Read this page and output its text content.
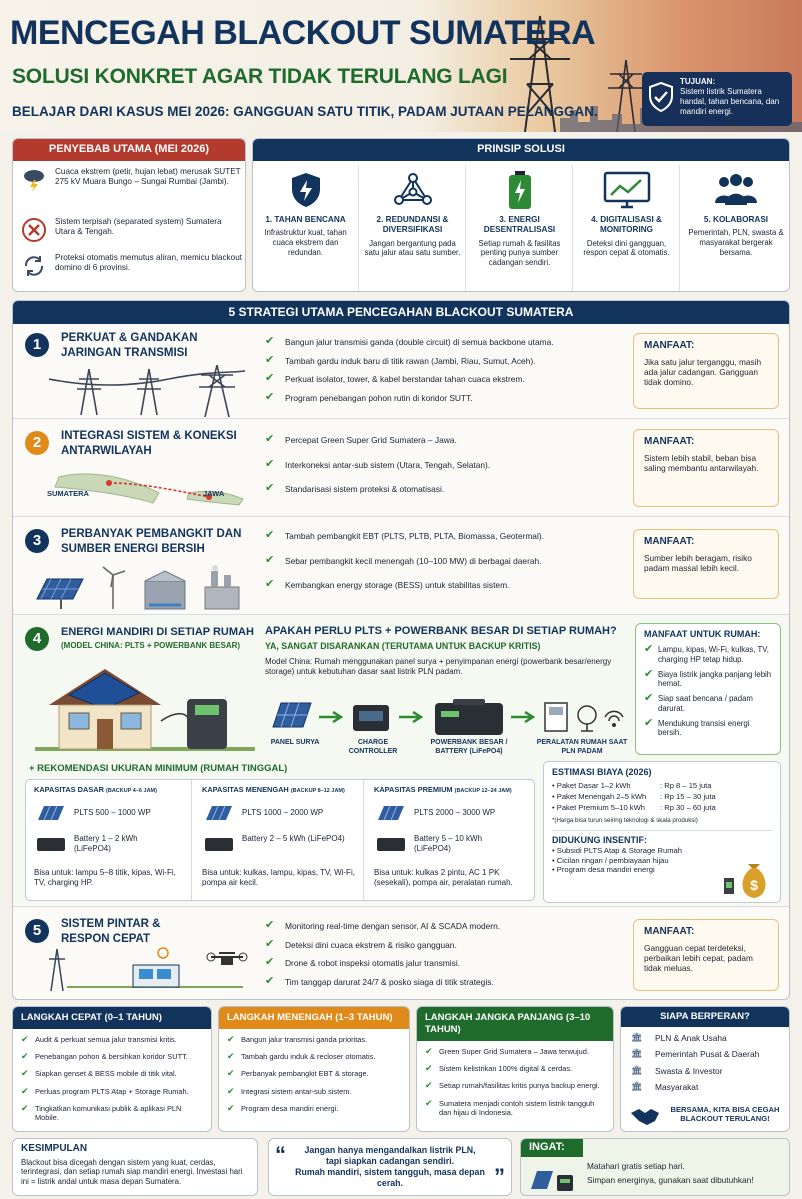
MENCEGAH BLACKOUT SUMATERA
SOLUSI KONKRET AGAR TIDAK TERULANG LAGI
BELAJAR DARI KASUS MEI 2026: GANGGUAN SATU TITIK, PADAM JUTAAN PELANGGAN.
TUJUAN:
Sistem listrik Sumatera handal, tahan bencana, dan mandiri energi.
PENYEBAB UTAMA (MEI 2026)
Cuaca ekstrem (petir, hujan lebat) merusak SUTET 275 kV Muara Bungo – Sungai Rumbai (Jambi).
Sistem terpisah (separated system) Sumatera Utara & Tengah.
Proteksi otomatis memutus aliran, memicu blackout domino di 6 provinsi.
PRINSIP SOLUSI
1. TAHAN BENCANA
Infrastruktur kuat, tahan cuaca ekstrem dan redundan.
2. REDUNDANSI & DIVERSIFIKASI
Jangan bergantung pada satu jalur atau satu sumber.
3. ENERGI DESENTRALISASI
Setiap rumah & fasilitas penting punya sumber cadangan sendiri.
4. DIGITALISASI & MONITORING
Deteksi dini gangguan, respon cepat & otomatis.
5. KOLABORASI
Pemerintah, PLN, swasta & masyarakat bergerak bersama.
5 STRATEGI UTAMA PENCEGAHAN BLACKOUT SUMATERA
1	PERKUAT & GANDAKAN JARINGAN TRANSMISI
✔ Bangun jalur transmisi ganda (double circuit) di semua backbone utama.
✔ Tambah gardu induk baru di titik rawan (Jambi, Riau, Sumut, Aceh).
✔ Perkuat isolator, tower, & kabel berstandar tahan cuaca ekstrem.
✔ Program penebangan pohon rutin di koridor SUTT.
MANFAAT:
Jika satu jalur terganggu, masih ada jalur cadangan. Gangguan tidak domino.
2	INTEGRASI SISTEM & KONEKSI ANTARWILAYAH
SUMATERA	JAWA
✔ Percepat Green Super Grid Sumatera – Jawa.
✔ Interkoneksi antar-sub sistem (Utara, Tengah, Selatan).
✔ Standarisasi sistem proteksi & otomatisasi.
MANFAAT:
Sistem lebih stabil, beban bisa saling membantu antarwilayah.
3	PERBANYAK PEMBANGKIT DAN SUMBER ENERGI BERSIH
✔ Tambah pembangkit EBT (PLTS, PLTB, PLTA, Biomassa, Geotermal).
✔ Sebar pembangkit kecil menengah (10–100 MW) di berbagai daerah.
✔ Kembangkan energy storage (BESS) untuk stabilitas sistem.
MANFAAT:
Sumber lebih beragam, risiko padam massal lebih kecil.
4	ENERGI MANDIRI DI SETIAP RUMAH
(MODEL CHINA: PLTS + POWERBANK BESAR)
APAKAH PERLU PLTS + POWERBANK BESAR DI SETIAP RUMAH?
YA, SANGAT DISARANKAN (TERUTAMA UNTUK BACKUP KRITIS)
Model China: Rumah menggunakan panel surya + penyimpanan energi (powerbank besar/energy storage) untuk kebutuhan dasar saat listrik PLN padam.
PANEL SURYA	CHARGE CONTROLLER
POWERBANK BESAR / BATTERY (LiFePO4)
PERALATAN RUMAH SAAT PLN PADAM
MANFAAT UNTUK RUMAH:
✔ Lampu, kipas, Wi-Fi, kulkas, TV, charging HP tetap hidup.
✔ Biaya listrik jangka panjang lebih hemat.
✔ Siap saat bencana / padam darurat.
✔ Mendukung transisi energi bersih.
+ REKOMENDASI UKURAN MINIMUM (RUMAH TINGGAL)
KAPASITAS DASAR (BACKUP 4–6 JAM)
PLTS 500 – 1000 WP
Battery 1 – 2 kWh (LiFePO4)
Bisa untuk: lampu 5–8 titik, kipas, Wi-Fi, TV, charging HP.
KAPASITAS MENENGAH (BACKUP 8–12 JAM)
PLTS 1000 – 2000 WP
Battery 2 – 5 kWh (LiFePO4)
Bisa untuk: kulkas, lampu, kipas, TV, Wi-Fi, pompa air kecil.
KAPASITAS PREMIUM (BACKUP 12–24 JAM)
PLTS 2000 – 3000 WP
Battery 5 – 10 kWh (LiFePO4)
Bisa untuk: kulkas 2 pintu, AC 1 PK (sesekali), pompa air, peralatan rumah.
ESTIMASI BIAYA (2026)
• Paket Dasar 1–2 kWh	: Rp 8 – 15 juta
• Paket Menengah 2–5 kWh : Rp 15 – 30 juta
• Paket Premium 5–10 kWh : Rp 30 – 60 juta
*(Harga bisa turun seiring teknologi & skala produksi)
DIDUKUNG INSENTIF:
• Subsidi PLTS Atap & Storage Rumah
• Cicilan ringan / pembiayaan hijau
• Program desa mandiri energi
$
5	SISTEM PINTAR & RESPON CEPAT
✔ Monitoring real-time dengan sensor, AI & SCADA modern.
✔ Deteksi dini cuaca ekstrem & risiko gangguan.
✔ Drone & robot inspeksi otomatis jalur transmisi.
✔ Tim tanggap darurat 24/7 & posko siaga di titik strategis.
MANFAAT:
Gangguan cepat terdeteksi, perbaikan lebih cepat, padam tidak meluas.
LANGKAH CEPAT (0–1 TAHUN)
✔ Audit & perkuat semua jalur transmisi kritis.
✔ Penebangan pohon & bersihkan koridor SUTT.
✔ Siapkan genset & BESS mobile di titik vital.
✔ Perluas program PLTS Atap + Storage Rumah.
✔ Tingkatkan komunikasi publik & aplikasi PLN Mobile.
LANGKAH MENENGAH (1–3 TAHUN)
✔ Bangun jalur transmisi ganda prioritas.
✔ Tambah gardu induk & recloser otomatis.
✔ Perbanyak pembangkit EBT & storage.
✔ Integrasi sistem antar-sub sistem.
✔ Program desa mandiri energi.
LANGKAH JANGKA PANJANG (3–10 TAHUN)
✔ Green Super Grid Sumatera – Jawa terwujud.
✔ Sistem kelistrikan 100% digital & cerdas.
✔ Setiap rumah/fasilitas kritis punya backup energi.
✔ Sumatera menjadi contoh sistem listrik tangguh dan hijau di Indonesia.
SIAPA BERPERAN?
🏛 PLN & Anak Usaha
🏛 Pemerintah Pusat & Daerah
🏛 Swasta & Investor
🏛 Masyarakat
BERSAMA, KITA BISA CEGAH BLACKOUT TERULANG!
KESIMPULAN
Blackout bisa dicegah dengan sistem yang kuat, cerdas, terintegrasi, dan setiap rumah siap mandiri energi. Investasi hari ini = listrik andal untuk masa depan Sumatera.
“	Jangan hanya mengandalkan listrik PLN,
tapi siapkan cadangan sendiri.
Rumah mandiri, sistem tangguh, masa depan cerah.	”
INGAT:
Matahari gratis setiap hari.
Simpan energinya, gunakan saat dibutuhkan!
